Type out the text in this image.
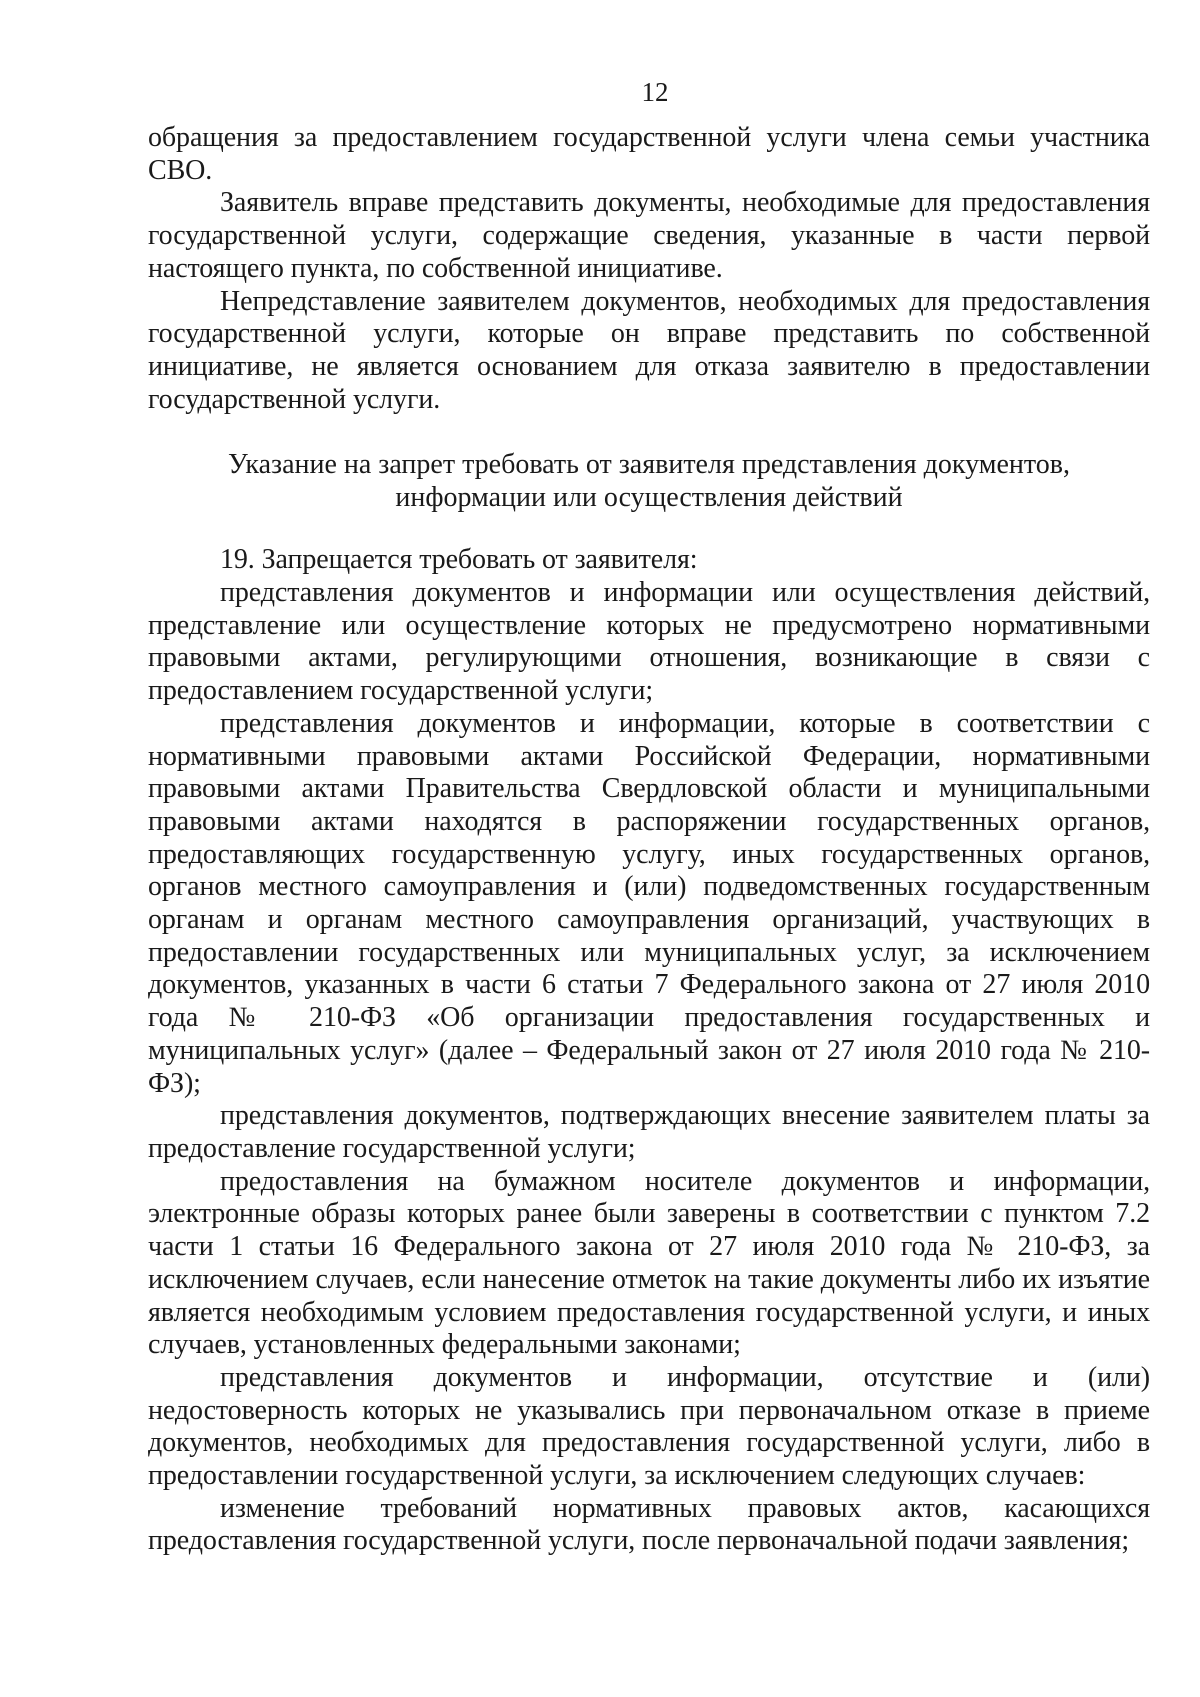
12

обращения за предоставлением государственной услуги члена семьи участника СВО.

Заявитель вправе представить документы, необходимые для предоставления государственной услуги, содержащие сведения, указанные в части первой настоящего пункта, по собственной инициативе.

Непредставление заявителем документов, необходимых для предоставления государственной услуги, которые он вправе представить по собственной инициативе, не является основанием для отказа заявителю в предоставлении государственной услуги.

Указание на запрет требовать от заявителя представления документов,
информации или осуществления действий

19. Запрещается требовать от заявителя:

представления документов и информации или осуществления действий, представление или осуществление которых не предусмотрено нормативными правовыми актами, регулирующими отношения, возникающие в связи с предоставлением государственной услуги;

представления документов и информации, которые в соответствии с нормативными правовыми актами Российской Федерации, нормативными правовыми актами Правительства Свердловской области и муниципальными правовыми актами находятся в распоряжении государственных органов, предоставляющих государственную услугу, иных государственных органов, органов местного самоуправления и (или) подведомственных государственным органам и органам местного самоуправления организаций, участвующих в предоставлении государственных или муниципальных услуг, за исключением документов, указанных в части 6 статьи 7 Федерального закона от 27 июля 2010 года № 210-ФЗ «Об организации предоставления государственных и муниципальных услуг» (далее – Федеральный закон от 27 июля 2010 года № 210-ФЗ);

представления документов, подтверждающих внесение заявителем платы за предоставление государственной услуги;

предоставления на бумажном носителе документов и информации, электронные образы которых ранее были заверены в соответствии с пунктом 7.2 части 1 статьи 16 Федерального закона от 27 июля 2010 года № 210-ФЗ, за исключением случаев, если нанесение отметок на такие документы либо их изъятие является необходимым условием предоставления государственной услуги, и иных случаев, установленных федеральными законами;

представления документов и информации, отсутствие и (или) недостоверность которых не указывались при первоначальном отказе в приеме документов, необходимых для предоставления государственной услуги, либо в предоставлении государственной услуги, за исключением следующих случаев:

изменение требований нормативных правовых актов, касающихся предоставления государственной услуги, после первоначальной подачи заявления;
